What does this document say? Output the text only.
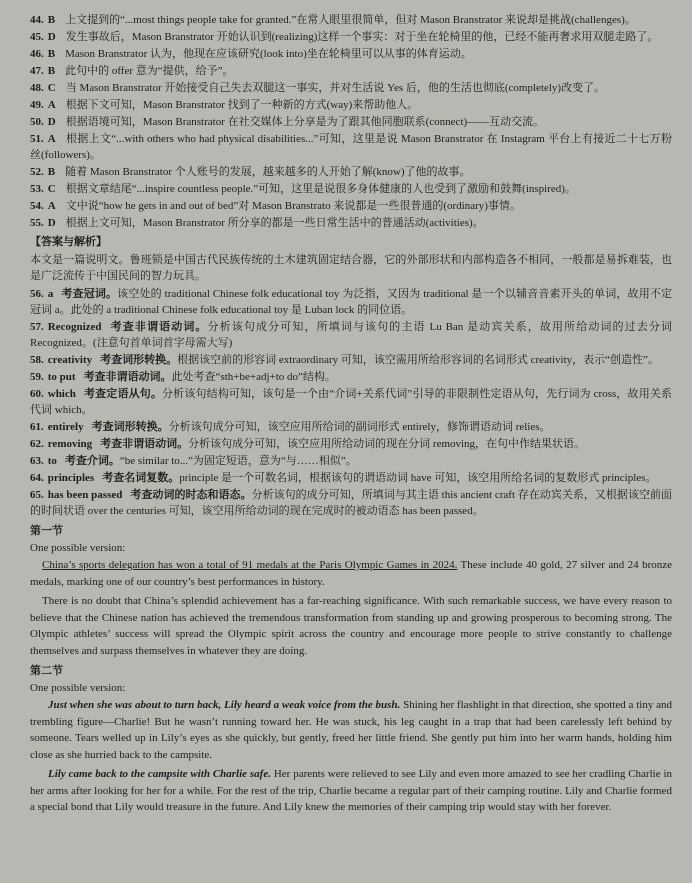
44. B 上文提到的“...most things people take for granted.”在常人眼里很简单，但对 Mason Branstrator 来说却是挑战(challenges)。

45. D 发生事故后，Mason Branstrator 开始认识到(realizing)这样一个事实：对于坐在轮椅里的他，已经不能再奢求用双腿走路了。

46. B Mason Branstrator 认为，他现在应该研究(look into)坐在轮椅里可以从事的体育运动。

47. B 此句中的 offer 意为“提供，给予”。

48. C 当 Mason Branstrator 开始接受自己失去双腿这一事实，并对生活说 Yes 后，他的生活也彻底(completely)改变了。

49. A 根据下文可知，Mason Branstrator 找到了一种新的方式(way)来帮助他人。

50. D 根据语境可知，Mason Branstrator 在社交媒体上分享是为了跟其他同胞联系(connect)——互动交流。

51. A 根据上文“...with others who had physical disabilities...”可知，这里是说 Mason Branstrator 在 Instagram 平台上有接近二十七万粉丝(followers)。

52. B 随着 Mason Branstrator 个人账号的发展，越来越多的人开始了解(know)了他的故事。

53. C 根据文章结尾“...inspire countless people.”可知，这里是说很多身体健康的人也受到了激励和鼓舞(inspired)。

54. A 文中说“how he gets in and out of bed”对 Mason Branstrato 来说都是一些很普通的(ordinary)事情。

55. D 根据上文可知，Mason Branstrator 所分享的都是一些日常生活中的普通活动(activities)。

【答案与解析】

本文是一篇说明文。鲁班锁是中国古代民族传统的土木建筑固定结合器，它的外部形状和内部构造各不相同，一般都是易拆难装，也是广泛流传于中国民间的智力玩具。

56. a 考查冠词。该空处的 traditional Chinese folk educational toy 为泛指，又因为 traditional 是一个以辅音音素开头的单词，故用不定冠词 a。此处的 a traditional Chinese folk educational toy 是 Luban lock 的同位语。

57. Recognized 考查非谓语动词。分析该句成分可知，所填词与该句的主语 Lu Ban 是动宾关系，故用所给动词的过去分词 Recognized。(注意句首单词首字母需大写)

58. creativity 考查词形转换。根据该空前的形容词 extraordinary 可知，该空需用所给形容词的名词形式 creativity，表示“创造性”。

59. to put 考查非谓语动词。此处考查“sth+be+adj+to do”结构。

60. which 考查定语从句。分析该句结构可知，该句是一个由“介词+关系代词”引导的非限制性定语从句，先行词为 cross，故用关系代词 which。

61. entirely 考查词形转换。分析该句成分可知，该空应用所给词的副词形式 entirely，修饰谓语动词 relies。

62. removing 考查非谓语动词。分析该句成分可知，该空应用所给动词的现在分词 removing，在句中作结果状语。

63. to 考查介词。“be similar to...”为固定短语，意为“与……相似”。

64. principles 考查名词复数。principle 是一个可数名词，根据该句的谓语动词 have 可知，该空用所给名词的复数形式 principles。

65. has been passed 考查动词的时态和语态。分析该句的成分可知，所填词与其主语 this ancient craft 存在动宾关系，又根据该空前面的时间状语 over the centuries 可知，该空用所给动词的现在完成时的被动语态 has been passed。

第一节

One possible version:

China’s sports delegation has won a total of 91 medals at the Paris Olympic Games in 2024. These include 40 gold, 27 silver and 24 bronze medals, marking one of our country’s best performances in history.

There is no doubt that China’s splendid achievement has a far-reaching significance. With such remarkable success, we have every reason to believe that the Chinese nation has achieved the tremendous transformation from standing up and growing prosperous to becoming strong. The Olympic athletes’ success will spread the Olympic spirit across the country and encourage more people to strive constantly to challenge themselves and surpass themselves in whatever they are doing.

第二节

One possible version:

Just when she was about to turn back, Lily heard a weak voice from the bush. Shining her flashlight in that direction, she spotted a tiny and trembling figure—Charlie! But he wasn’t running toward her. He was stuck, his leg caught in a trap that had been carelessly left behind by someone. Tears welled up in Lily’s eyes as she quickly, but gently, freed her little friend. She gently put him into her warm hands, holding him close as she hurried back to the campsite.

Lily came back to the campsite with Charlie safe. Her parents were relieved to see Lily and even more amazed to see her cradling Charlie in her arms after looking for her for a while. For the rest of the trip, Charlie became a regular part of their camping routine. Lily and Charlie formed a special bond that Lily would treasure in the future. And Lily knew the memories of their camping trip would stay with her forever.
